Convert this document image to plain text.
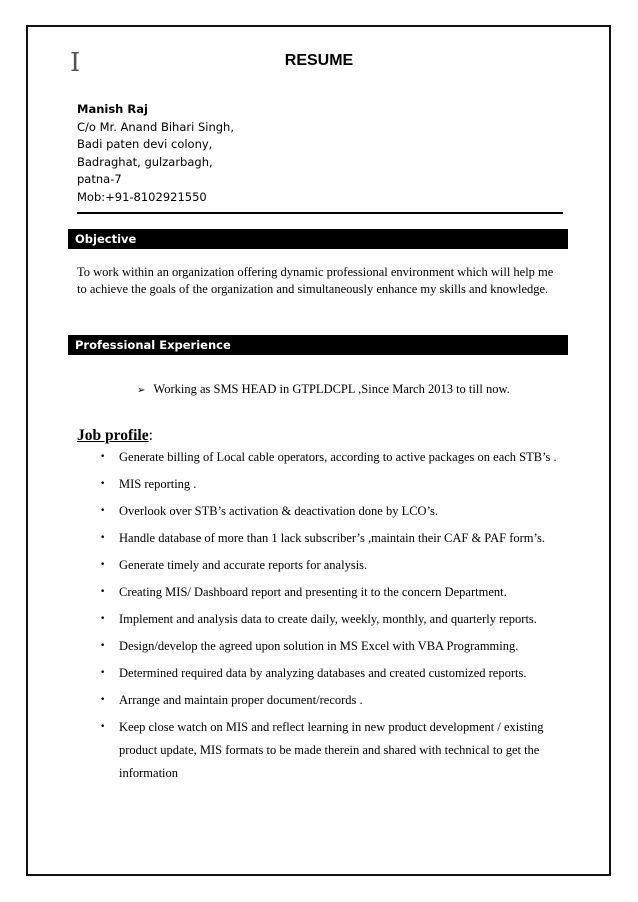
I	RESUME
Manish Raj
C/o Mr. Anand Bihari Singh,
Badi paten devi colony,
Badraghat, gulzarbagh,
patna-7
Mob:+91-8102921550
Objective
To work within an organization offering dynamic professional environment which will help me to achieve the goals of the organization and simultaneously enhance my skills and knowledge.
Professional Experience
➢ Working as SMS HEAD in GTPLDCPL ,Since March 2013 to till now.
Job profile:
• Generate billing of Local cable operators, according to active packages on each STB’s .
• MIS reporting .
• Overlook over STB’s activation & deactivation done by LCO’s.
• Handle database of more than 1 lack subscriber’s ,maintain their CAF & PAF form’s.
• Generate timely and accurate reports for analysis.
• Creating MIS/ Dashboard report and presenting it to the concern Department.
• Implement and analysis data to create daily, weekly, monthly, and quarterly reports.
• Design/develop the agreed upon solution in MS Excel with VBA Programming.
• Determined required data by analyzing databases and created customized reports.
• Arrange and maintain proper document/records .
• Keep close watch on MIS and reflect learning in new product development / existing product update, MIS formats to be made therein and shared with technical to get the information
